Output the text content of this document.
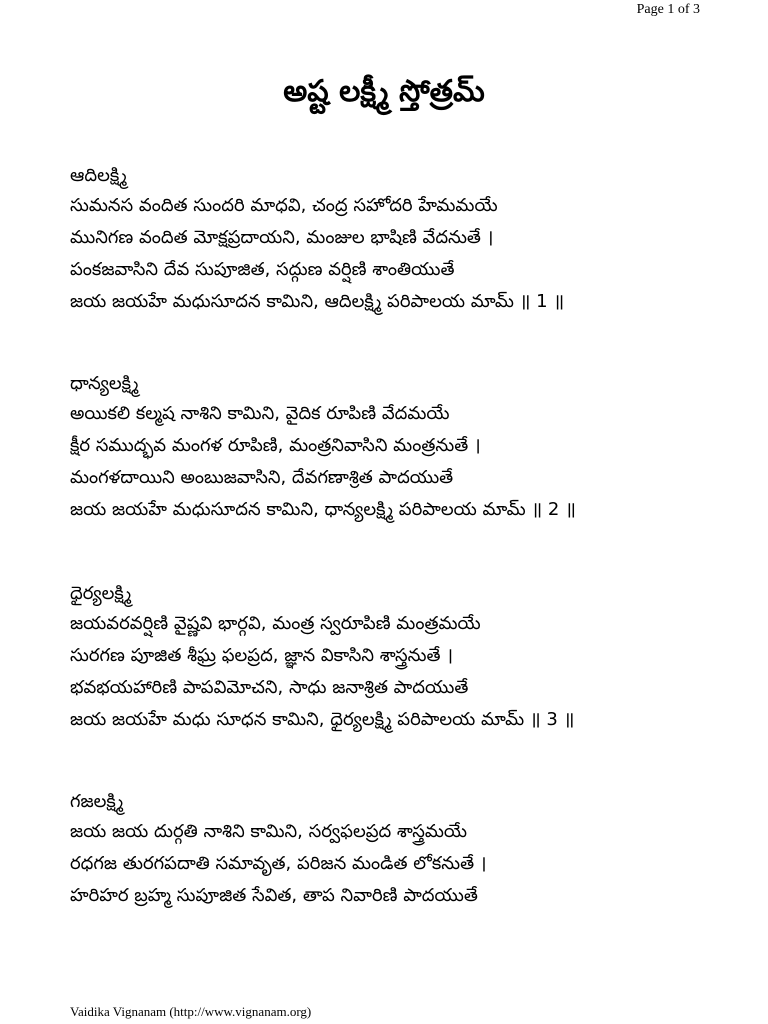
Page 1 of 3
అష్ట లక్ష్మీ స్తోత్రమ్
ఆదిలక్ష్మి
సుమనస వందిత సుందరి మాధవి, చంద్ర సహోదరి హేమమయే
మునిగణ వందిత మోక్షప్రదాయని, మంజుల భాషిణి వేదనుతే ।
పంకజవాసిని దేవ సుపూజిత, సద్గుణ వర్షిణి శాంతియుతే
జయ జయహే మధుసూదన కామిని, ఆదిలక్ష్మి పరిపాలయ మామ్ ॥ 1 ॥
ధాన్యలక్ష్మి
అయికలి కల్మష నాశిని కామిని, వైదిక రూపిణి వేదమయే
క్షీర సముద్భవ మంగళ రూపిణి, మంత్రనివాసిని మంత్రనుతే ।
మంగళదాయిని అంబుజవాసిని, దేవగణాశ్రిత పాదయుతే
జయ జయహే మధుసూదన కామిని, ధాన్యలక్ష్మి పరిపాలయ మామ్ ॥ 2 ॥
ధైర్యలక్ష్మి
జయవరవర్షిణి వైష్ణవి భార్గవి, మంత్ర స్వరూపిణి మంత్రమయే
సురగణ పూజిత శీఘ్ర ఫలప్రద, జ్ఞాన వికాసిని శాస్త్రనుతే ।
భవభయహారిణి పాపవిమోచని, సాధు జనాశ్రిత పాదయుతే
జయ జయహే మధు సూధన కామిని, ధైర్యలక్ష్మి పరిపాలయ మామ్ ॥ 3 ॥
గజలక్ష్మి
జయ జయ దుర్గతి నాశిని కామిని, సర్వఫలప్రద శాస్త్రమయే
రధగజ తురగపదాతి సమావృత, పరిజన మండిత లోకనుతే ।
హరిహర బ్రహ్మ సుపూజిత సేవిత, తాప నివారిణి పాదయుతే
Vaidika Vignanam (http://www.vignanam.org)
